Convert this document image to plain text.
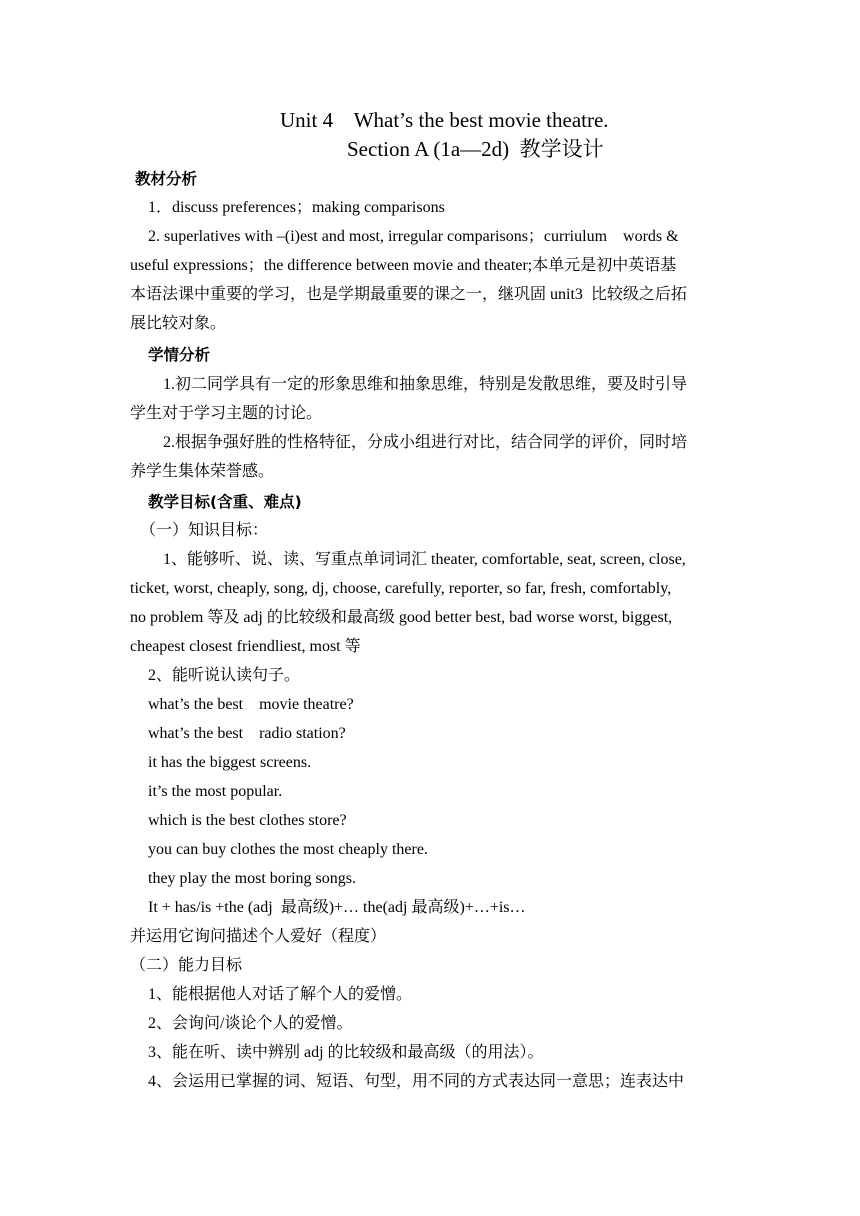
Unit 4    What’s the best movie theatre.
Section A (1a—2d)  教学设计
教材分析
1．discuss preferences；making comparisons
2. superlatives with –(i)est and most, irregular comparisons；curriulum    words &
useful expressions；the difference between movie and theater;本单元是初中英语基
本语法课中重要的学习，也是学期最重要的课之一，继巩固 unit3  比较级之后拓
展比较对象。
学情分析
1.初二同学具有一定的形象思维和抽象思维，特别是发散思维，要及时引导
学生对于学习主题的讨论。
2.根据争强好胜的性格特征，分成小组进行对比，结合同学的评价，同时培
养学生集体荣誉感。
教学目标(含重、难点)
（一）知识目标：
1、能够听、说、读、写重点单词词汇 theater, comfortable, seat, screen, close,
ticket, worst, cheaply, song, dj, choose, carefully, reporter, so far, fresh, comfortably,
no problem 等及 adj 的比较级和最高级 good better best, bad worse worst, biggest,
cheapest closest friendliest, most 等
2、能听说认读句子。
what’s the best    movie theatre?
what’s the best    radio station?
it has the biggest screens.
it’s the most popular.
which is the best clothes store?
you can buy clothes the most cheaply there.
they play the most boring songs.
It + has/is +the (adj  最高级)+… the(adj 最高级)+…+is…
并运用它询问描述个人爱好（程度）
（二）能力目标
1、能根据他人对话了解个人的爱憎。
2、会询问/谈论个人的爱憎。
3、能在听、读中辨别 adj 的比较级和最高级（的用法）。
4、会运用已掌握的词、短语、句型，用不同的方式表达同一意思；连表达中
